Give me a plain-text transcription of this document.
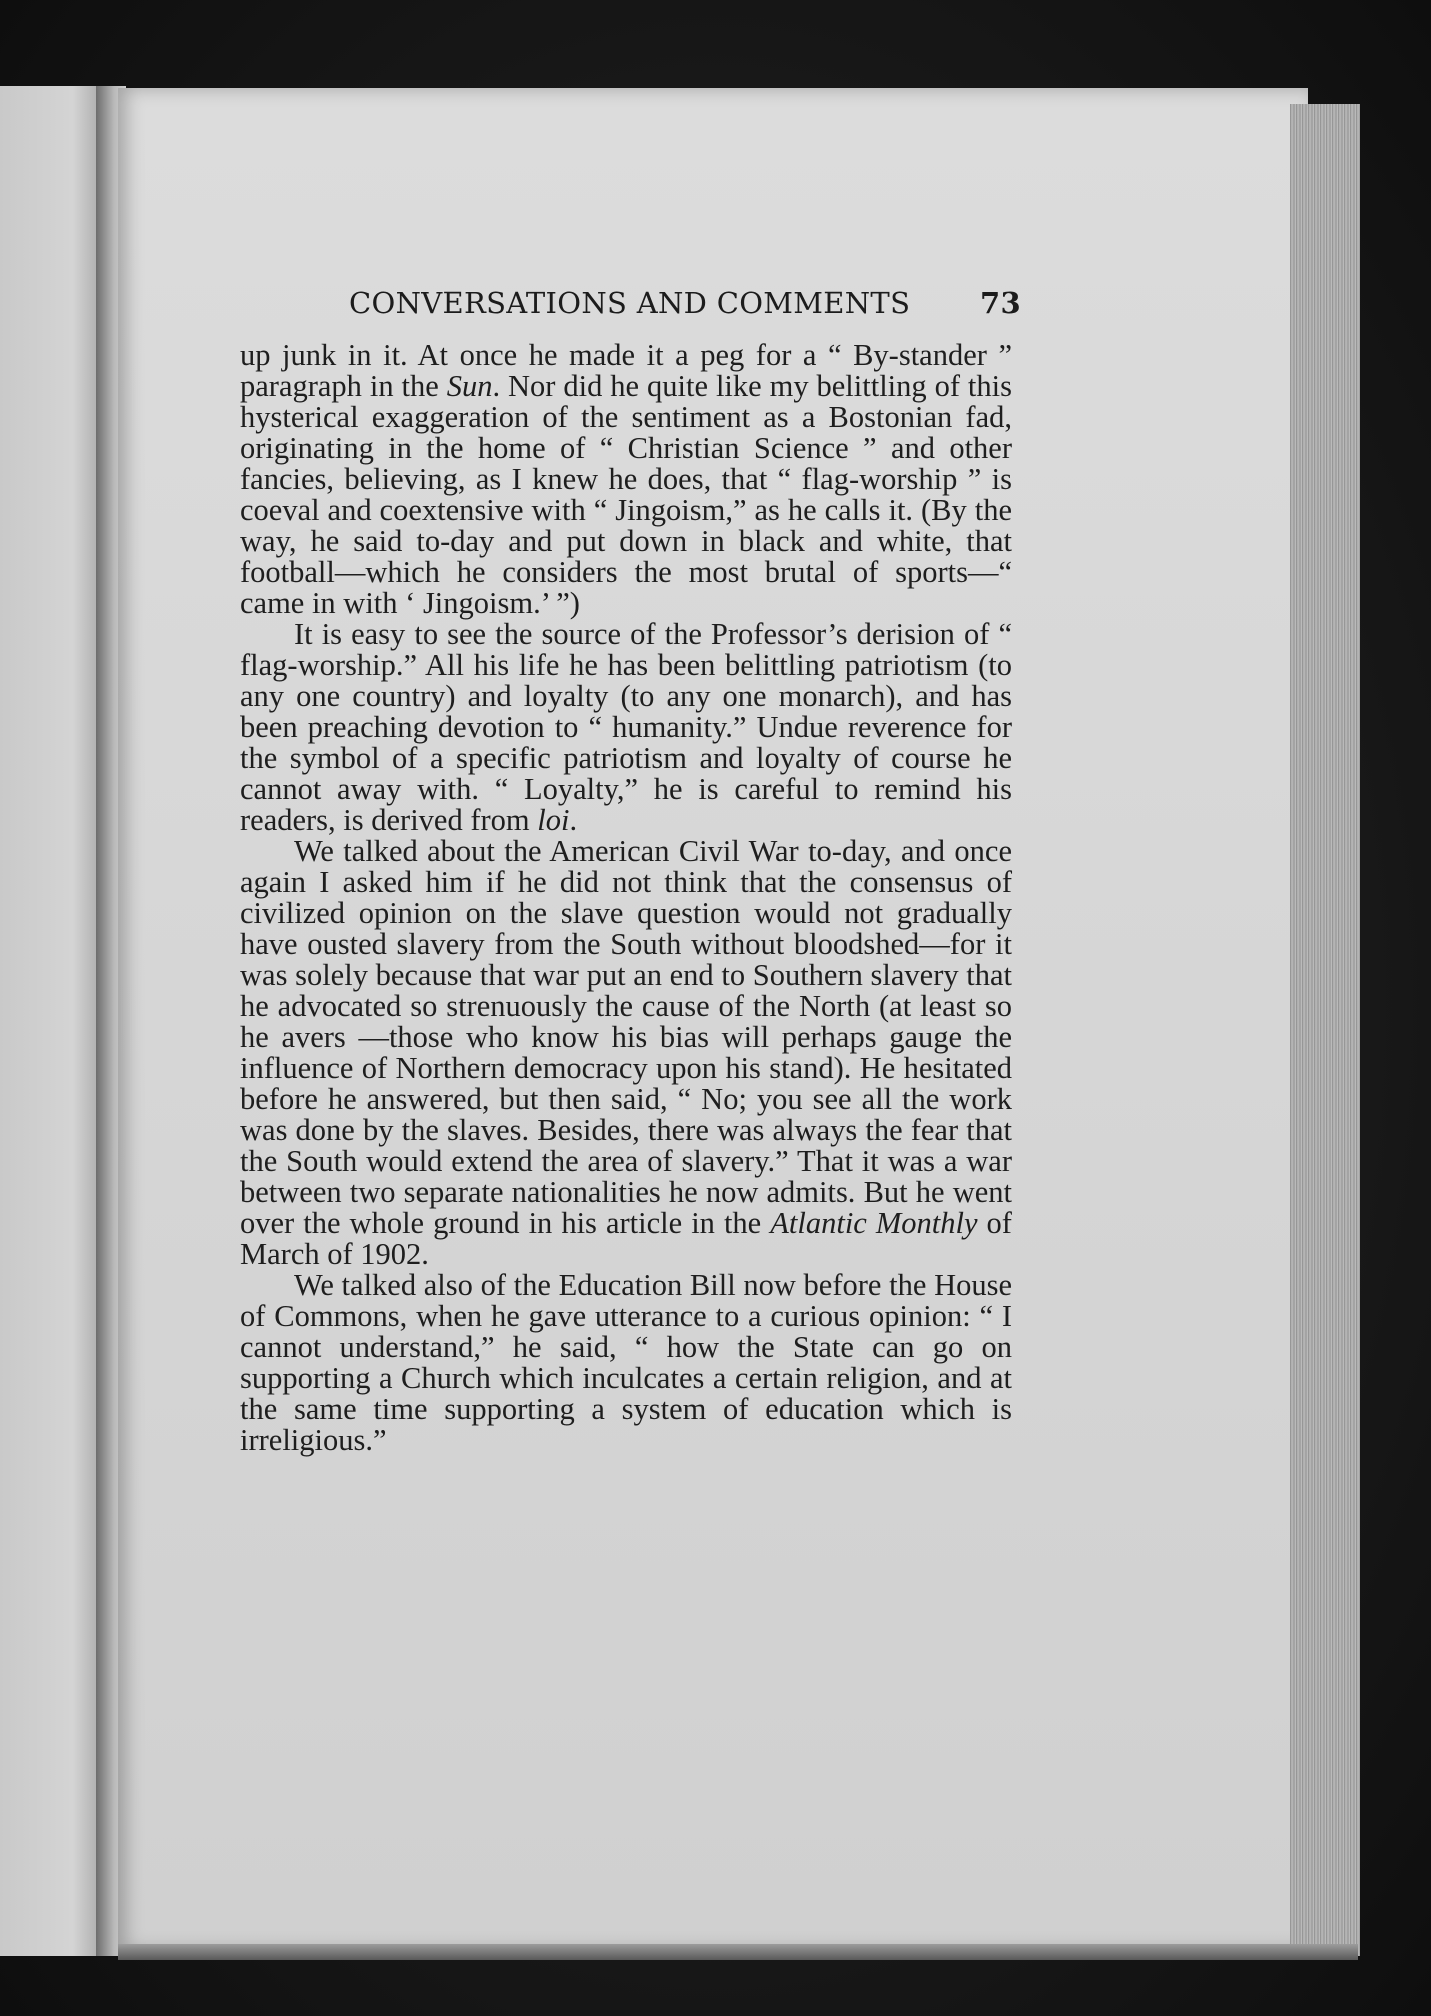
CONVERSATIONS AND COMMENTS 73

up junk in it. At once he made it a peg for a “ By-stander ” paragraph in the Sun. Nor did he quite like my belittling of this hysterical exaggeration of the sentiment as a Bostonian fad, originating in the home of “ Christian Science ” and other fancies, believing, as I knew he does, that “ flag-worship ” is coeval and coextensive with “ Jingoism,” as he calls it. (By the way, he said to-day and put down in black and white, that football—which he considers the most brutal of sports—“ came in with ‘ Jingoism.’ ”)

It is easy to see the source of the Professor’s derision of “ flag-worship.” All his life he has been belittling patriotism (to any one country) and loyalty (to any one monarch), and has been preaching devotion to “ humanity.” Undue reverence for the symbol of a specific patriotism and loyalty of course he cannot away with. “ Loyalty,” he is careful to remind his readers, is derived from loi.

We talked about the American Civil War to-day, and once again I asked him if he did not think that the consensus of civilized opinion on the slave question would not gradually have ousted slavery from the South without bloodshed—for it was solely because that war put an end to Southern slavery that he advocated so strenuously the cause of the North (at least so he avers —those who know his bias will perhaps gauge the influence of Northern democracy upon his stand). He hesitated before he answered, but then said, “ No; you see all the work was done by the slaves. Besides, there was always the fear that the South would extend the area of slavery.” That it was a war between two separate nationalities he now admits. But he went over the whole ground in his article in the Atlantic Monthly of March of 1902.

We talked also of the Education Bill now before the House of Commons, when he gave utterance to a curious opinion: “ I cannot understand,” he said, “ how the State can go on supporting a Church which inculcates a certain religion, and at the same time supporting a system of education which is irreligious.”
